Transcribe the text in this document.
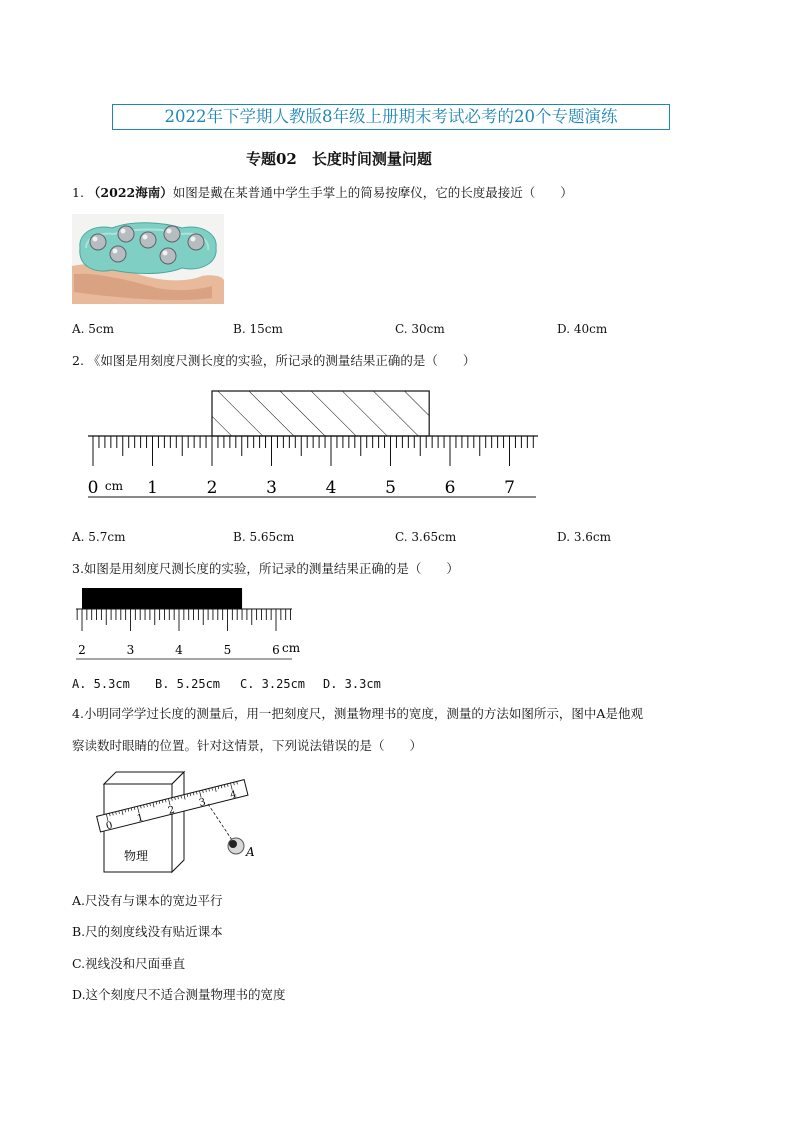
2022年下学期人教版8年级上册期末考试必考的20个专题演练
专题02　长度时间测量问题
1. （2022海南）如图是戴在某普通中学生手掌上的简易按摩仪，它的长度最接近（　　）
A. 5cm	B. 15cm	C. 30cm	D. 40cm
2. 《如图是用刻度尺测长度的实验，所记录的测量结果正确的是（　　）
0	1	2	3	4	5	6	7
cm
A. 5.7cm	B. 5.65cm	C. 3.65cm	D. 3.6cm
3.如图是用刻度尺测长度的实验，所记录的测量结果正确的是（　　）
2	3	4	5	6 cm
A. 5.3cm B. 5.25cm C. 3.25cm D. 3.3cm
4.小明同学学过长度的测量后，用一把刻度尺，测量物理书的宽度，测量的方法如图所示，图中A是他观
察读数时眼睛的位置。针对这情景，下列说法错误的是（　　）
物理
0
1
2
3
4
A
A.尺没有与课本的宽边平行
B.尺的刻度线没有贴近课本
C.视线没和尺面垂直
D.这个刻度尺不适合测量物理书的宽度
